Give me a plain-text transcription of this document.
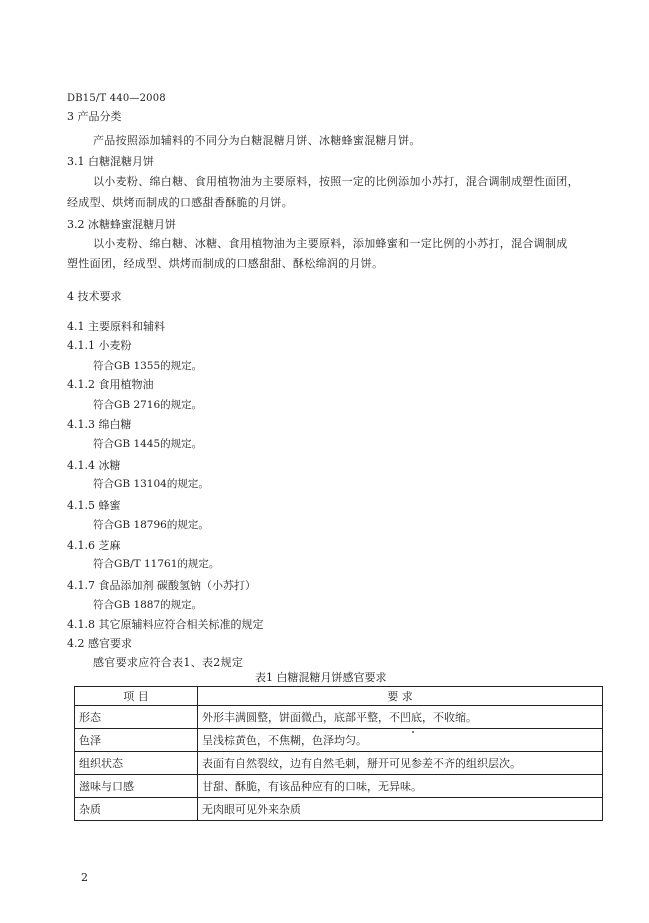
DB15/T 440—2008
3 产品分类
产品按照添加辅料的不同分为白糖混糖月饼、冰糖蜂蜜混糖月饼。
3.1 白糖混糖月饼
以小麦粉、绵白糖、食用植物油为主要原料，按照一定的比例添加小苏打，混合调制成塑性面团，
经成型、烘烤而制成的口感甜香酥脆的月饼。
3.2 冰糖蜂蜜混糖月饼
以小麦粉、绵白糖、冰糖、食用植物油为主要原料，添加蜂蜜和一定比例的小苏打，混合调制成
塑性面团，经成型、烘烤而制成的口感甜甜、酥松绵润的月饼。
4 技术要求
4.1 主要原料和辅料
4.1.1 小麦粉
符合GB 1355的规定。
4.1.2 食用植物油
符合GB 2716的规定。
4.1.3 绵白糖
符合GB 1445的规定。
4.1.4 冰糖
符合GB 13104的规定。
4.1.5 蜂蜜
符合GB 18796的规定。
4.1.6 芝麻
符合GB/T 11761的规定。
4.1.7 食品添加剂 碳酸氢钠（小苏打）
符合GB 1887的规定。
4.1.8 其它原辅料应符合相关标准的规定
4.2 感官要求
感官要求应符合表1、表2规定
表1 白糖混糖月饼感官要求
项 目	要 求
形态	外形丰满圆整，饼面微凸，底部平整，不凹底，不收缩。
色泽	呈浅棕黄色，不焦糊，色泽均匀。
组织状态	表面有自然裂纹，边有自然毛刺，掰开可见参差不齐的组织层次。
滋味与口感	甘甜、酥脆，有该品种应有的口味，无异味。
杂质	无肉眼可见外来杂质
2
